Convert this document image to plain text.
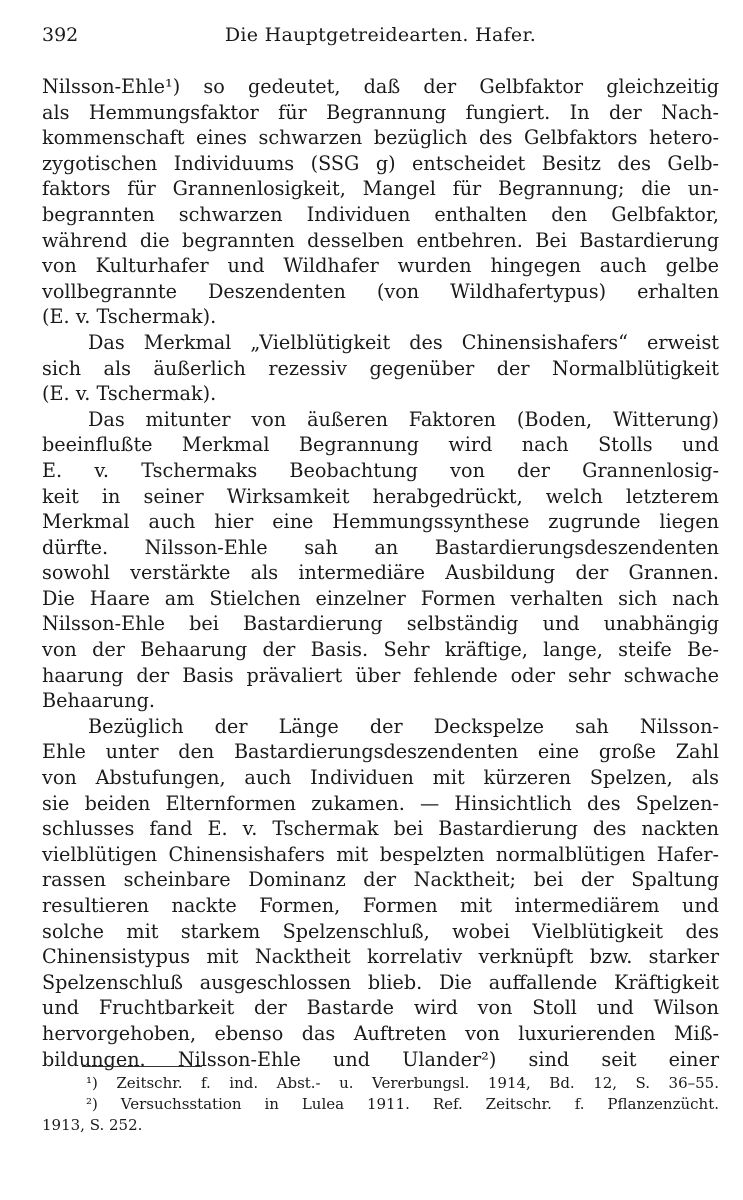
392	Die Hauptgetreidearten. Hafer.
Nilsson-Ehle¹) so gedeutet, daß der Gelbfaktor gleichzeitig
als Hemmungsfaktor für Begrannung fungiert. In der Nach-
kommenschaft eines schwarzen bezüglich des Gelbfaktors hetero-
zygotischen Individuums (SSG g) entscheidet Besitz des Gelb-
faktors für Grannenlosigkeit, Mangel für Begrannung; die un-
begrannten schwarzen Individuen enthalten den Gelbfaktor,
während die begrannten desselben entbehren. Bei Bastardierung
von Kulturhafer und Wildhafer wurden hingegen auch gelbe
vollbegrannte Deszendenten (von Wildhafertypus) erhalten
(E. v. Tschermak).
Das Merkmal „Vielblütigkeit des Chinensishafers“ erweist
sich als äußerlich rezessiv gegenüber der Normalblütigkeit
(E. v. Tschermak).
Das mitunter von äußeren Faktoren (Boden, Witterung)
beeinflußte Merkmal Begrannung wird nach Stolls und
E. v. Tschermaks Beobachtung von der Grannenlosig-
keit in seiner Wirksamkeit herabgedrückt, welch letzterem
Merkmal auch hier eine Hemmungssynthese zugrunde liegen
dürfte. Nilsson-Ehle sah an Bastardierungsdeszendenten
sowohl verstärkte als intermediäre Ausbildung der Grannen.
Die Haare am Stielchen einzelner Formen verhalten sich nach
Nilsson-Ehle bei Bastardierung selbständig und unabhängig
von der Behaarung der Basis. Sehr kräftige, lange, steife Be-
haarung der Basis prävaliert über fehlende oder sehr schwache
Behaarung.
Bezüglich der Länge der Deckspelze sah Nilsson-
Ehle unter den Bastardierungsdeszendenten eine große Zahl
von Abstufungen, auch Individuen mit kürzeren Spelzen, als
sie beiden Elternformen zukamen. — Hinsichtlich des Spelzen-
schlusses fand E. v. Tschermak bei Bastardierung des nackten
vielblütigen Chinensishafers mit bespelzten normalblütigen Hafer-
rassen scheinbare Dominanz der Nacktheit; bei der Spaltung
resultieren nackte Formen, Formen mit intermediärem und
solche mit starkem Spelzenschluß, wobei Vielblütigkeit des
Chinensistypus mit Nacktheit korrelativ verknüpft bzw. starker
Spelzenschluß ausgeschlossen blieb. Die auffallende Kräftigkeit
und Fruchtbarkeit der Bastarde wird von Stoll und Wilson
hervorgehoben, ebenso das Auftreten von luxurierenden Miß-
bildungen. Nilsson-Ehle und Ulander²) sind seit einer
¹) Zeitschr. f. ind. Abst.- u. Vererbungsl. 1914, Bd. 12, S. 36–55.
²) Versuchsstation in Lulea 1911. Ref. Zeitschr. f. Pflanzenzücht.
1913, S. 252.
